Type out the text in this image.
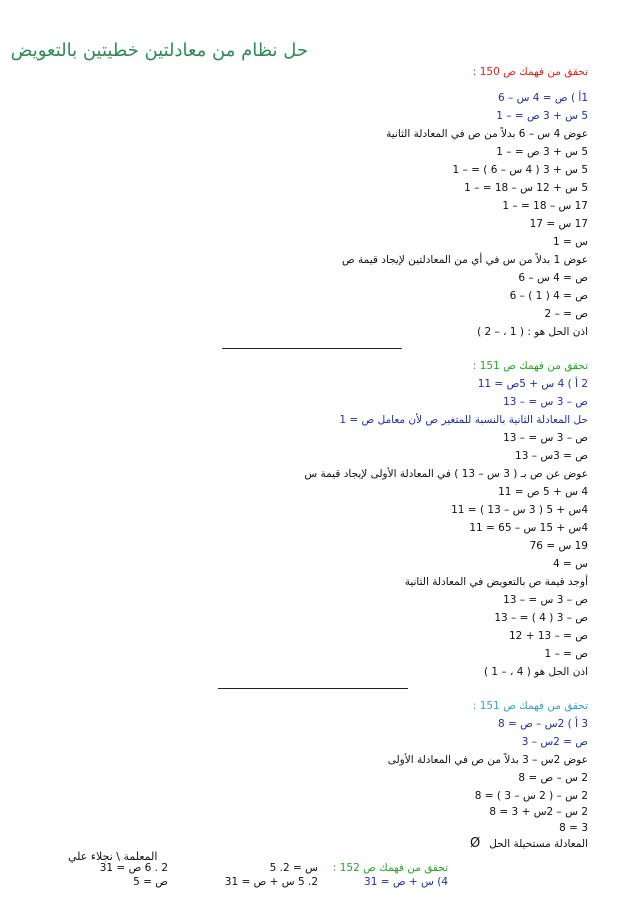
حل نظام من معادلتين خطيتين بالتعويض
تحقق من فهمك ص 150 :
1أ ) ص = 4 س – 6
5 س + 3 ص = – 1
عوض 4 س – 6 بدلاً من ص في المعادلة الثانية
5 س + 3 ص = – 1
5 س + 3 ( 4 س – 6 ) = – 1
5 س + 12 س – 18 = – 1
17 س – 18 = – 1
17 س = 17
س = 1
عوض 1 بدلاً من س في أي من المعادلتين لإيجاد قيمة ص
ص = 4 س – 6
ص = 4 ( 1 ) – 6
ص = – 2
اذن الحل هو : ( 1 ، – 2 )
تحقق من فهمك ص 151 :
2 أ ) 4 س + 5ص = 11
ص – 3 س = – 13
حل المعادلة الثانية بالنسبة للمتغير ص لأن معامل ص = 1
ص – 3 س = – 13
ص = 3س – 13
عوض عن ص بـ ( 3 س – 13 ) في المعادلة الأولى لإيجاد قيمة س
4 س + 5 ص = 11
4س + 5 ( 3 س – 13 ) = 11
4س + 15 س – 65 = 11
19 س = 76
س = 4
أوجد قيمة ص بالتعويض في المعادلة الثانية
ص – 3 س = – 13
ص – 3 ( 4 ) = – 13
ص = – 13 + 12
ص = – 1
اذن الحل هو ( 4 ، – 1 )
تحقق من فهمك ص 151 :
3 أ ) 2س – ص = 8
ص = 2س – 3
عوض 2س – 3 بدلاً من ص في المعادلة الأولى
2 س – ص = 8
2 س – ( 2 س – 3 ) = 8
2 س – 2س + 3 = 8
3 = 8
المعادلة مستحيلة الحل
Ø
تحقق من فهمك ص 152 :
4) س + ص = 31
س = 2. 5
2. 5 س + ص = 31
2 . 6 ص = 31
ص = 5
المعلمة \ نجلاء علي
